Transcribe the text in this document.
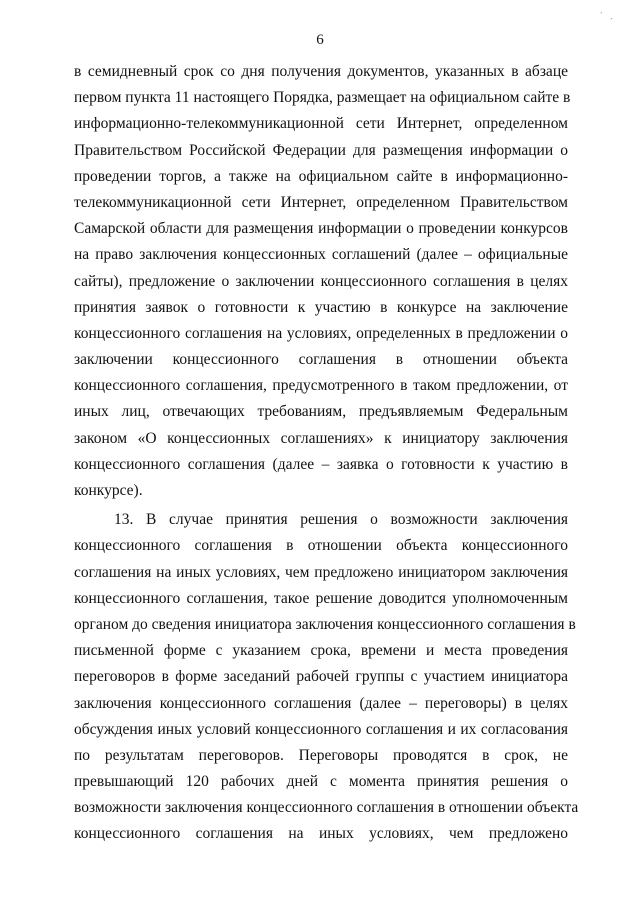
6
ˋ
ˊ
в семидневный срок со дня получения документов, указанных в абзаце
первом пункта 11 настоящего Порядка, размещает на официальном сайте в
информационно-телекоммуникационной сети Интернет, определенном
Правительством Российской Федерации для размещения информации о
проведении торгов, а также на официальном сайте в информационно-
телекоммуникационной сети Интернет, определенном Правительством
Самарской области для размещения информации о проведении конкурсов
на право заключения концессионных соглашений (далее – официальные
сайты), предложение о заключении концессионного соглашения в целях
принятия заявок о готовности к участию в конкурсе на заключение
концессионного соглашения на условиях, определенных в предложении о
заключении концессионного соглашения в отношении объекта
концессионного соглашения, предусмотренного в таком предложении, от
иных лиц, отвечающих требованиям, предъявляемым Федеральным
законом «О концессионных соглашениях» к инициатору заключения
концессионного соглашения (далее – заявка о готовности к участию в
конкурсе).
13. В случае принятия решения о возможности заключения
концессионного соглашения в отношении объекта концессионного
соглашения на иных условиях, чем предложено инициатором заключения
концессионного соглашения, такое решение доводится уполномоченным
органом до сведения инициатора заключения концессионного соглашения в
письменной форме с указанием срока, времени и места проведения
переговоров в форме заседаний рабочей группы с участием инициатора
заключения концессионного соглашения (далее – переговоры) в целях
обсуждения иных условий концессионного соглашения и их согласования
по результатам переговоров. Переговоры проводятся в срок, не
превышающий 120 рабочих дней с момента принятия решения о
возможности заключения концессионного соглашения в отношении объекта
концессионного соглашения на иных условиях, чем предложено
